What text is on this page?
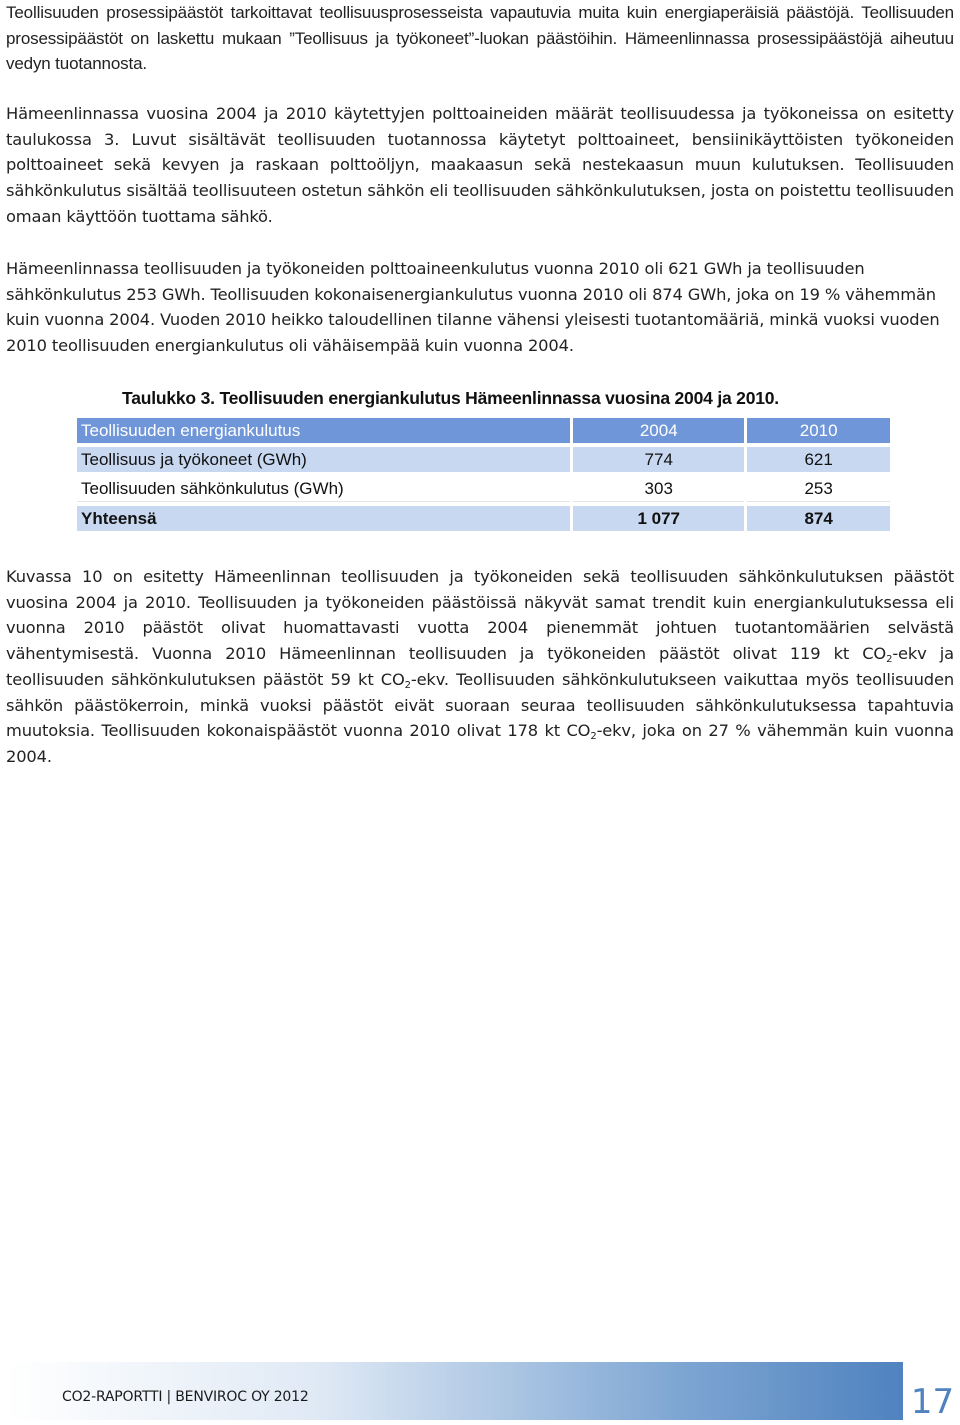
Teollisuuden prosessipäästöt tarkoittavat teollisuusprosesseista vapautuvia muita kuin energiaperäisiä päästöjä. Teollisuuden prosessipäästöt on laskettu mukaan ”Teollisuus ja työkoneet”-luokan päästöihin. Hämeenlinnassa prosessipäästöjä aiheutuu vedyn tuotannosta.

Hämeenlinnassa vuosina 2004 ja 2010 käytettyjen polttoaineiden määrät teollisuudessa ja työkoneissa on esitetty taulukossa 3. Luvut sisältävät teollisuuden tuotannossa käytetyt polttoaineet, bensiinikäyttöisten työkoneiden polttoaineet sekä kevyen ja raskaan polttoöljyn, maakaasun sekä nestekaasun muun kulutuksen. Teollisuuden sähkönkulutus sisältää teollisuuteen ostetun sähkön eli teollisuuden sähkönkulutuksen, josta on poistettu teollisuuden omaan käyttöön tuottama sähkö.

Hämeenlinnassa teollisuuden ja työkoneiden polttoaineenkulutus vuonna 2010 oli 621 GWh ja teollisuuden sähkönkulutus 253 GWh. Teollisuuden kokonaisenergiankulutus vuonna 2010 oli 874 GWh, joka on 19 % vähemmän kuin vuonna 2004. Vuoden 2010 heikko taloudellinen tilanne vähensi yleisesti tuotantomääriä, minkä vuoksi vuoden 2010 teollisuuden energiankulutus oli vähäisempää kuin vuonna 2004.

Taulukko 3. Teollisuuden energiankulutus Hämeenlinnassa vuosina 2004 ja 2010.

Teollisuuden energiankulutus	2004	2010
Teollisuus ja työkoneet (GWh)	774	621
Teollisuuden sähkönkulutus (GWh)	303	253
Yhteensä	1 077	874

Kuvassa 10 on esitetty Hämeenlinnan teollisuuden ja työkoneiden sekä teollisuuden sähkönkulutuksen päästöt vuosina 2004 ja 2010. Teollisuuden ja työkoneiden päästöissä näkyvät samat trendit kuin energiankulutuksessa eli vuonna 2010 päästöt olivat huomattavasti vuotta 2004 pienemmät johtuen tuotantomäärien selvästä vähentymisestä. Vuonna 2010 Hämeenlinnan teollisuuden ja työkoneiden päästöt olivat 119 kt $CO_2$-ekv ja teollisuuden sähkönkulutuksen päästöt 59 kt $CO_2$-ekv. Teollisuuden sähkönkulutukseen vaikuttaa myös teollisuuden sähkön päästökerroin, minkä vuoksi päästöt eivät suoraan seuraa teollisuuden sähkönkulutuksessa tapahtuvia muutoksia. Teollisuuden kokonaispäästöt vuonna 2010 olivat 178 kt $CO_2$-ekv, joka on 27 % vähemmän kuin vuonna 2004.

CO2-RAPORTTI | BENVIROC OY 2012	17
